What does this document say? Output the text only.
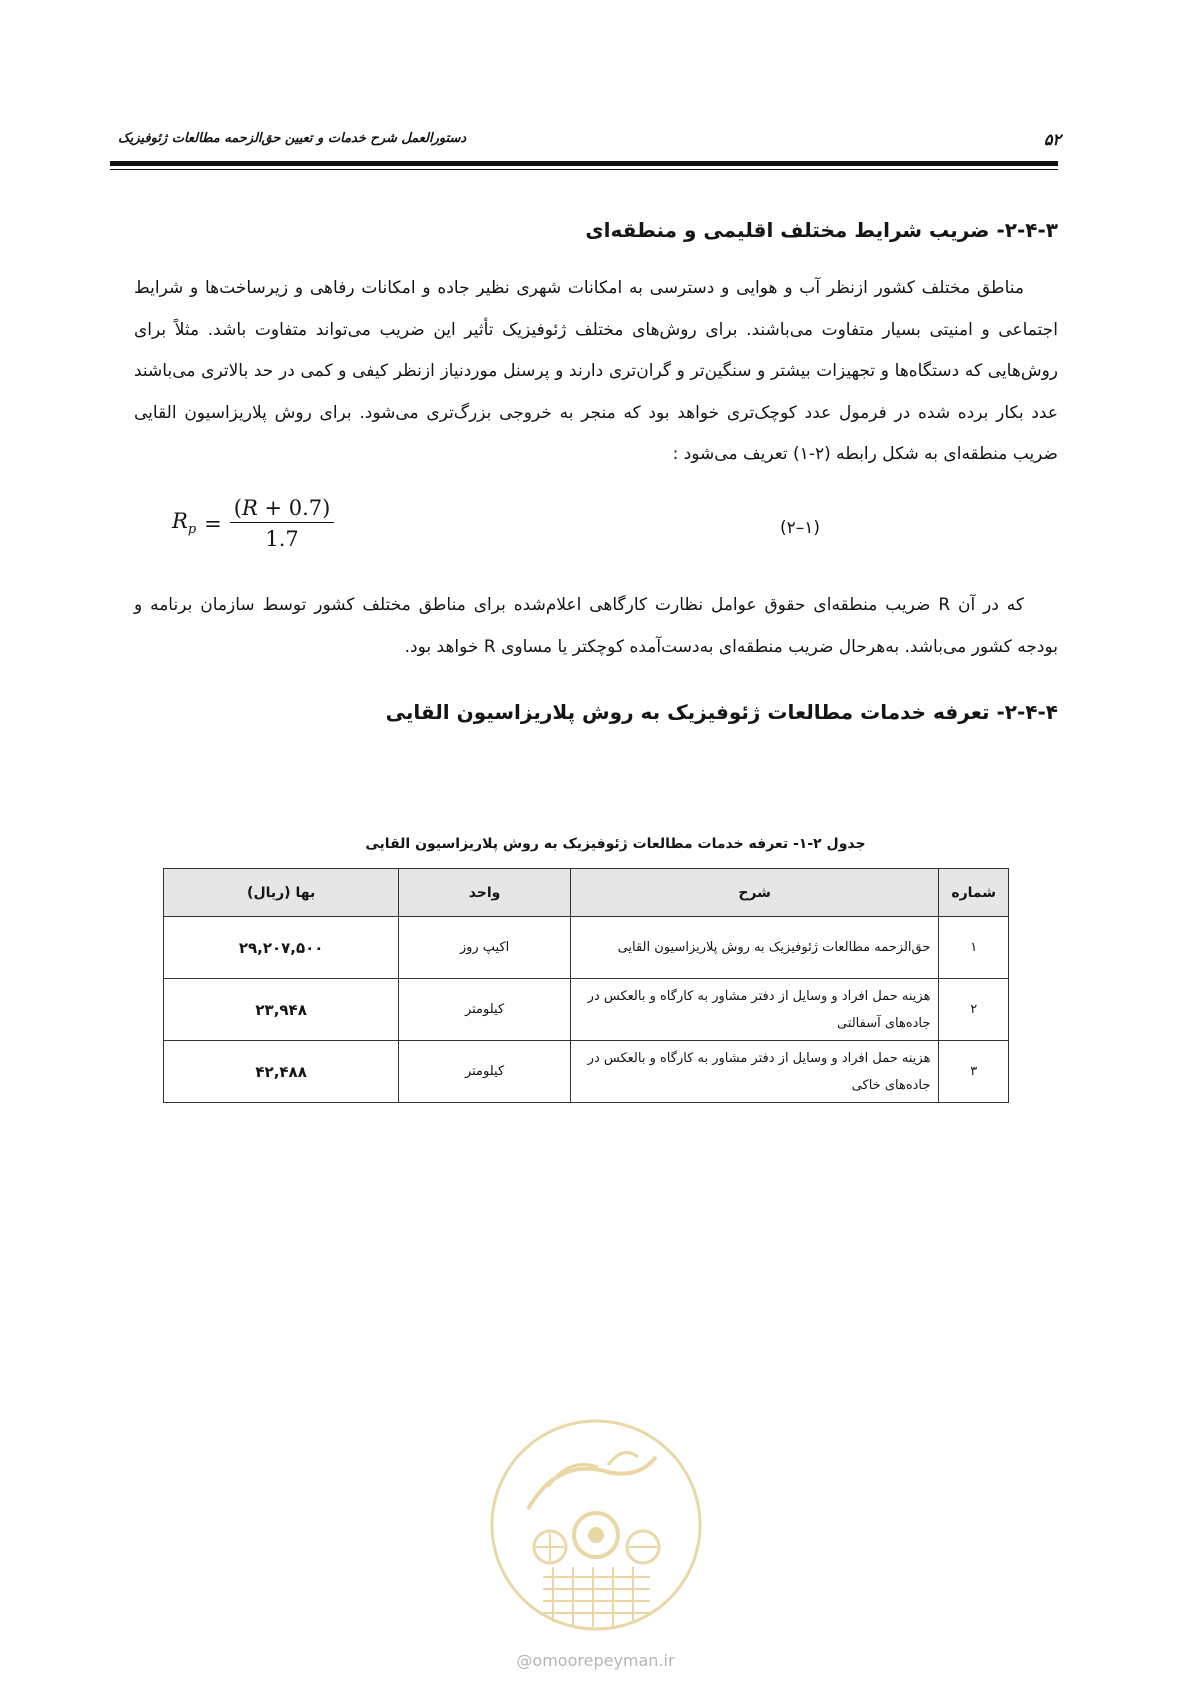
دستورالعمل شرح خدمات و تعیین حق‌الزحمه مطالعات ژئوفیزیک	۵۲
۲-۴-۳- ضریب شرایط مختلف اقلیمی و منطقه‌ای
مناطق مختلف کشور ازنظر آب و هوایی و دسترسی به امکانات شهری نظیر جاده و امکانات رفاهی و زیرساخت‌ها و شرایط اجتماعی و امنیتی بسیار متفاوت می‌باشند. برای روش‌های مختلف ژئوفیزیک تأثیر این ضریب می‌تواند متفاوت باشد. مثلاً برای روش‌هایی که دستگاه‌ها و تجهیزات بیشتر و سنگین‌تر و گران‌تری دارند و پرسنل موردنیاز ازنظر کیفی و کمی در حد بالاتری می‌باشند عدد بکار برده شده در فرمول عدد کوچک‌تری خواهد بود که منجر به خروجی بزرگ‌تری می‌شود. برای روش پلاریزاسیون القایی ضریب منطقه‌ای به شکل رابطه (۲-۱) تعریف می‌شود :
$R_p = \frac{(R + 0.7)}{1.7}$	(۲–۱)
که در آن R ضریب منطقه‌ای حقوق عوامل نظارت کارگاهی اعلام‌شده برای مناطق مختلف کشور توسط سازمان برنامه و بودجه کشور می‌باشد. به‌هرحال ضریب منطقه‌ای به‌دست‌آمده کوچکتر یا مساوی R خواهد بود.
۲-۴-۴- تعرفه خدمات مطالعات ژئوفیزیک به روش پلاریزاسیون القایی
جدول ۲-۱- تعرفه خدمات مطالعات ژئوفیزیک به روش پلاریزاسیون القایی
شماره	شرح	واحد	بها (ریال)
۱	حق‌الزحمه مطالعات ژئوفیزیک به روش پلاریزاسیون القایی	اکیپ روز	۲۹,۲۰۷,۵۰۰
۲	هزینه حمل افراد و وسایل از دفتر مشاور به کارگاه و بالعکس در جاده‌های آسفالتی	کیلومتر	۲۳,۹۴۸
۳	هزینه حمل افراد و وسایل از دفتر مشاور به کارگاه و بالعکس در جاده‌های خاکی	کیلومتر	۴۲,۴۸۸
@omoorepeyman.ir
